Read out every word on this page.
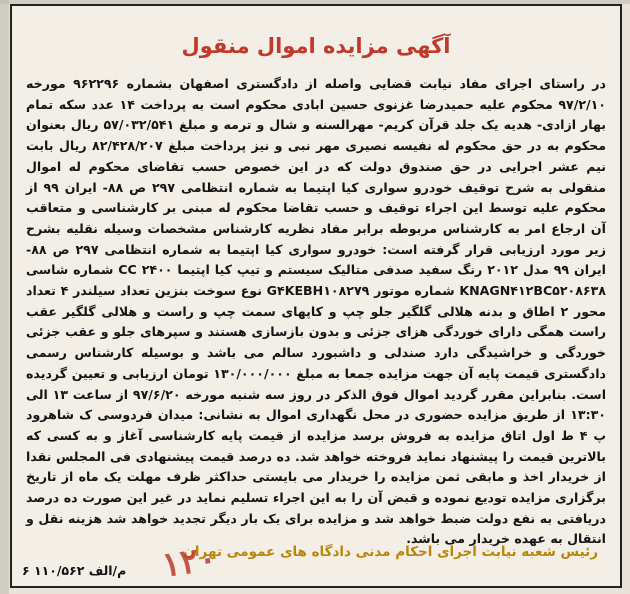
آگهی مزایده اموال منقول
در راستای اجرای مفاد نیابت قضایی واصله از دادگستری اصفهان بشماره ۹۶۲۲۹۶ مورخه ۹۷/۲/۱۰ محکوم علیه حمیدرضا غزنوی حسین ابادی محکوم است به پرداخت ۱۴ عدد سکه تمام بهار ازادی- هدیه یک جلد قرآن کریم- مهرالسنه و شال و ترمه و مبلغ ۵۷/۰۳۲/۵۴۱ ریال بعنوان محکوم به در حق محکوم له نفیسه نصیری مهر نبی و نیز پرداخت مبلغ ۸۲/۴۲۸/۲۰۷ ریال بابت نیم عشر اجرایی در حق صندوق دولت که در این خصوص حسب تقاضای محکوم له اموال منقولی به شرح توقیف خودرو سواری کیا اپتیما به شماره انتظامی ۲۹۷ ص ۸۸- ایران ۹۹ از محکوم علیه توسط این اجراء توقیف و حسب تقاضا محکوم له مبنی بر کارشناسی و متعاقب آن ارجاع امر به کارشناس مربوطه برابر مفاد نظریه کارشناس مشخصات وسیله نقلیه بشرح زیر مورد ارزیابی قرار گرفته است: خودرو سواری کیا اپتیما به شماره انتظامی ۲۹۷ ص ۸۸- ایران ۹۹ مدل ۲۰۱۲ رنگ سفید صدفی متالیک سیستم و تیپ کیا اپتیما ۲۴۰۰ CC شماره شاسی KNAGN۴۱۲BC۵۲۰۸۶۳۸ شماره موتور G۴KEBH۱۰۸۲۷۹ نوع سوخت بنزین تعداد سیلندر ۴ تعداد محور ۲ اطاق و بدنه هلالی گلگیر جلو چپ و کاپهای سمت چپ و راست و هلالی گلگیر عقب راست همگی دارای خوردگی هزای جزئی و بدون بازسازی هستند و سپرهای جلو و عقب جزئی خوردگی و خراشیدگی دارد صندلی و داشبورد سالم می باشد و بوسیله کارشناس رسمی دادگستری قیمت پایه آن جهت مزایده جمعا به مبلغ ۱۳۰/۰۰۰/۰۰۰ تومان ارزیابی و تعیین گردیده است. بنابراین مقرر گردید اموال فوق الذکر در روز سه شنبه مورخه ۹۷/۶/۲۰ از ساعت ۱۳ الی ۱۳:۳۰ از طریق مزایده حضوری در محل نگهداری اموال به نشانی: میدان فردوسی ک شاهرود پ ۴ ط اول اتاق مزایده به فروش برسد مزایده از قیمت پایه کارشناسی آغاز و به کسی که بالاترین قیمت را پیشنهاد نماید فروخته خواهد شد. ده درصد قیمت پیشنهادی فی المجلس نقدا از خریدار اخذ و مابقی ثمن مزایده را خریدار می بایستی حداکثر ظرف مهلت یک ماه از تاریخ برگزاری مزایده تودیع نموده و قبض آن را به این اجراء تسلیم نماید در غیر این صورت ده درصد دریافتی به نفع دولت ضبط خواهد شد و مزایده برای یک بار دیگر تجدید خواهد شد هزینه نقل و انتقال به عهده خریدار می باشد.
رئیس شعبه نیابت اجرای احکام مدنی دادگاه های عمومی تهران
۶ ۱۱۰/۵۶۲ م/الف ۱۲۰
